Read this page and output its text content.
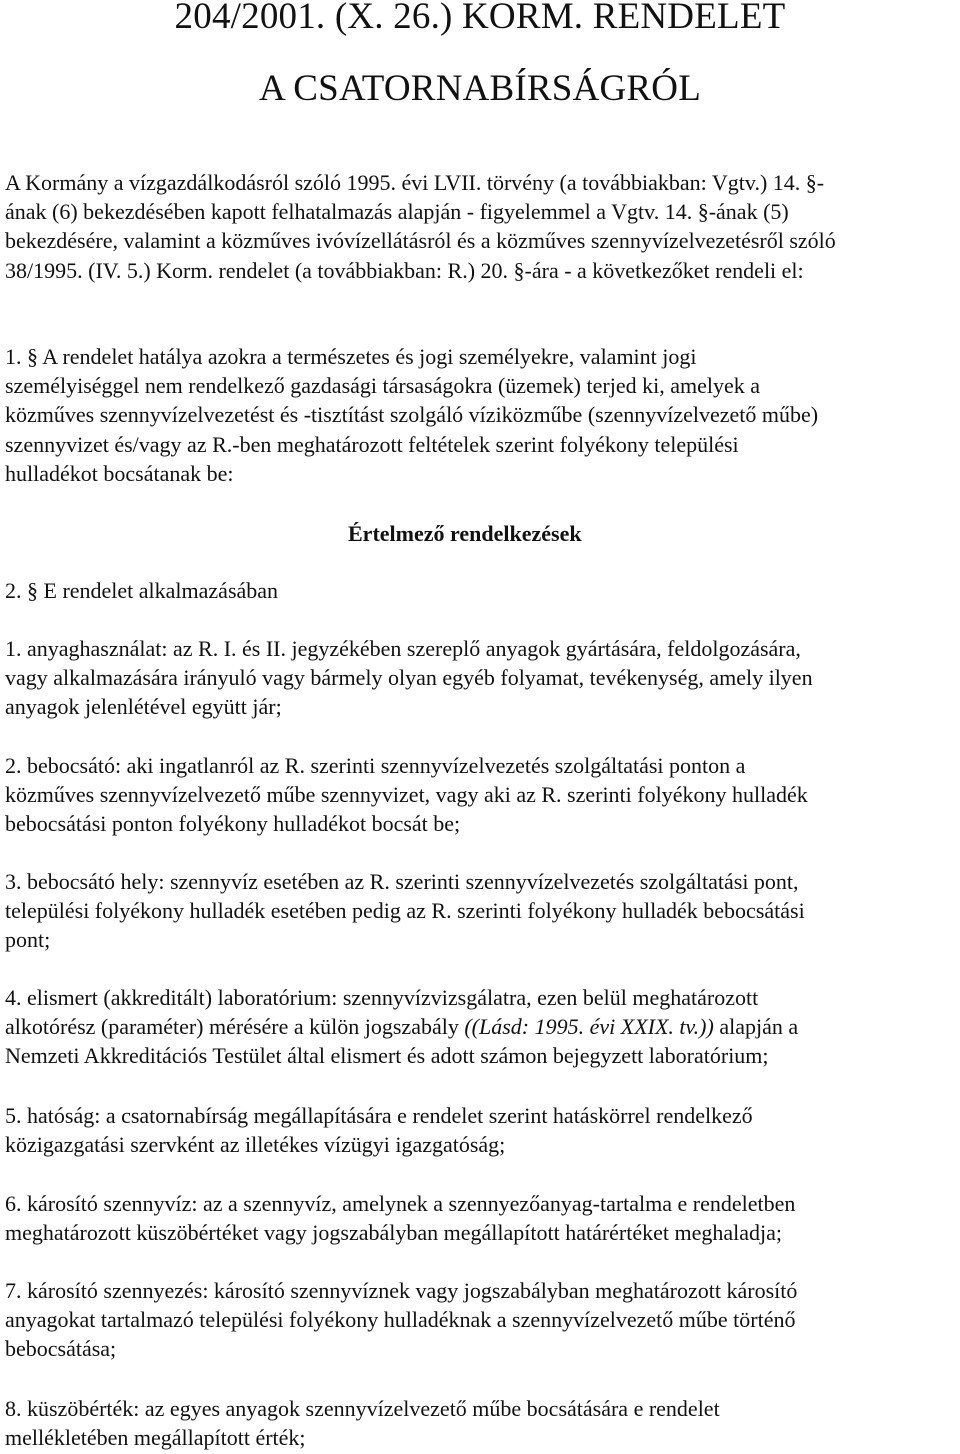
204/2001. (X. 26.) KORM. RENDELET
A CSATORNABÍRSÁGRÓL

A Kormány a vízgazdálkodásról szóló 1995. évi LVII. törvény (a továbbiakban: Vgtv.) 14. §-
ának (6) bekezdésében kapott felhatalmazás alapján - figyelemmel a Vgtv. 14. §-ának (5)
bekezdésére, valamint a közműves ivóvízellátásról és a közműves szennyvízelvezetésről szóló
38/1995. (IV. 5.) Korm. rendelet (a továbbiakban: R.) 20. §-ára - a következőket rendeli el:

1. § A rendelet hatálya azokra a természetes és jogi személyekre, valamint jogi
személyiséggel nem rendelkező gazdasági társaságokra (üzemek) terjed ki, amelyek a
közműves szennyvízelvezetést és -tisztítást szolgáló víziközműbe (szennyvízelvezető műbe)
szennyvizet és/vagy az R.-ben meghatározott feltételek szerint folyékony települési
hulladékot bocsátanak be:

Értelmező rendelkezések

2. § E rendelet alkalmazásában

1. anyaghasználat: az R. I. és II. jegyzékében szereplő anyagok gyártására, feldolgozására,
vagy alkalmazására irányuló vagy bármely olyan egyéb folyamat, tevékenység, amely ilyen
anyagok jelenlétével együtt jár;

2. bebocsátó: aki ingatlanról az R. szerinti szennyvízelvezetés szolgáltatási ponton a
közműves szennyvízelvezető műbe szennyvizet, vagy aki az R. szerinti folyékony hulladék
bebocsátási ponton folyékony hulladékot bocsát be;

3. bebocsátó hely: szennyvíz esetében az R. szerinti szennyvízelvezetés szolgáltatási pont,
települési folyékony hulladék esetében pedig az R. szerinti folyékony hulladék bebocsátási
pont;

4. elismert (akkreditált) laboratórium: szennyvízvizsgálatra, ezen belül meghatározott
alkotórész (paraméter) mérésére a külön jogszabály ((Lásd: 1995. évi XXIX. tv.)) alapján a
Nemzeti Akkreditációs Testület által elismert és adott számon bejegyzett laboratórium;

5. hatóság: a csatornabírság megállapítására e rendelet szerint hatáskörrel rendelkező
közigazgatási szervként az illetékes vízügyi igazgatóság;

6. károsító szennyvíz: az a szennyvíz, amelynek a szennyezőanyag-tartalma e rendeletben
meghatározott küszöbértéket vagy jogszabályban megállapított határértéket meghaladja;

7. károsító szennyezés: károsító szennyvíznek vagy jogszabályban meghatározott károsító
anyagokat tartalmazó települési folyékony hulladéknak a szennyvízelvezető műbe történő
bebocsátása;

8. küszöbérték: az egyes anyagok szennyvízelvezető műbe bocsátására e rendelet
mellékletében megállapított érték;
